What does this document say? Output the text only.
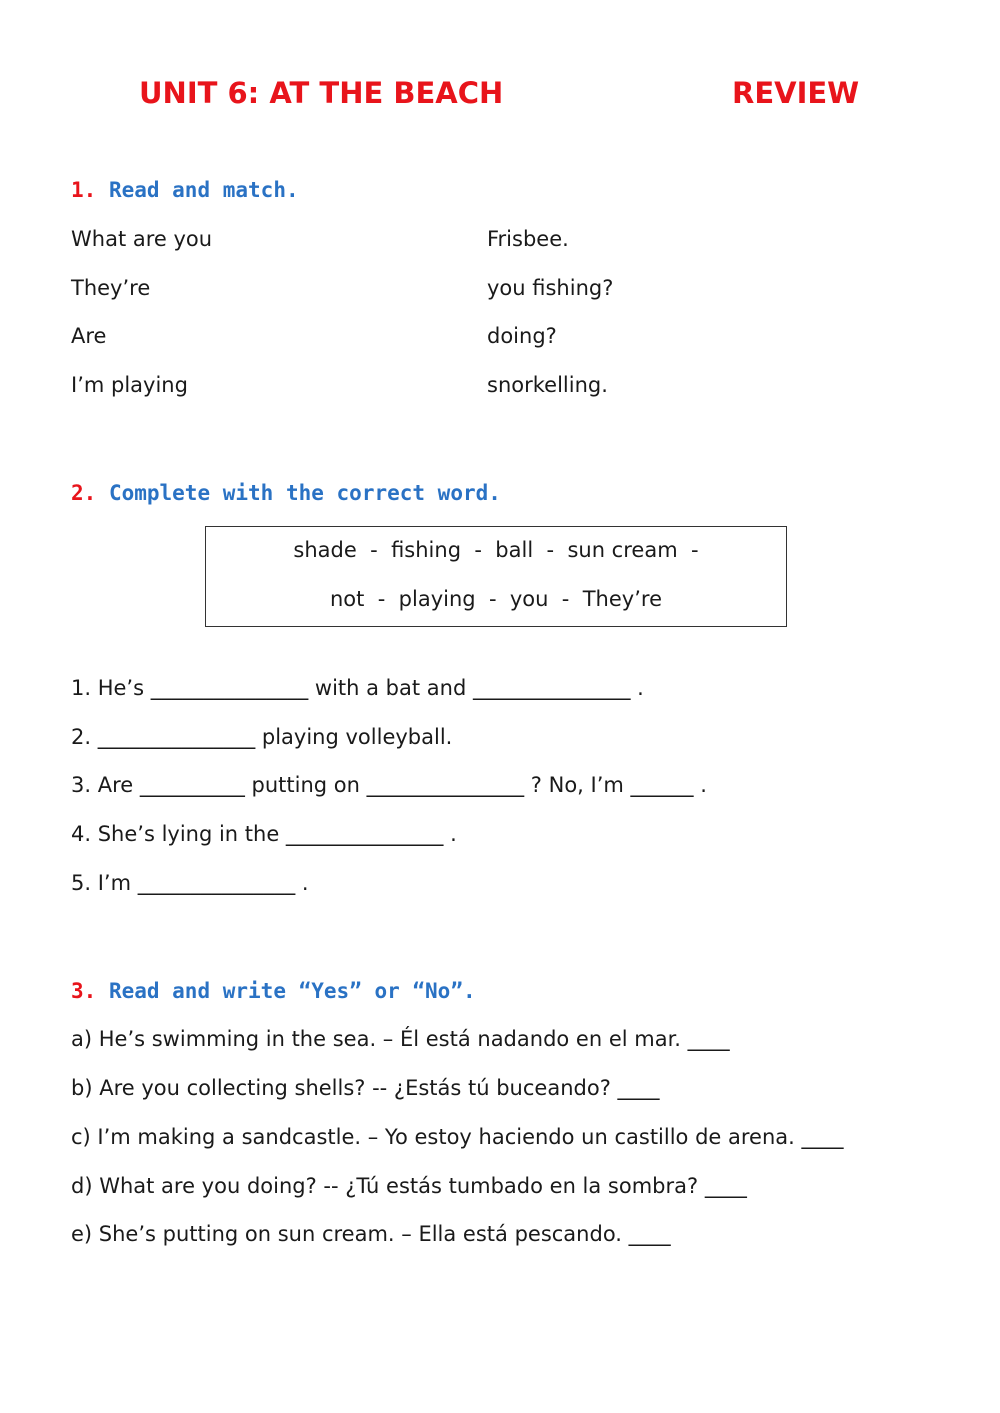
UNIT 6: AT THE BEACH	REVIEW
1. Read and match.
What are you
They’re
Are
I’m playing
Frisbee.
you fishing?
doing?
snorkelling.
2. Complete with the correct word.
shade  -  fishing  -  ball  -  sun cream  -
not  -  playing  -  you  -  They’re
1. He’s _______________ with a bat and _______________ .
2. _______________ playing volleyball.
3. Are __________ putting on _______________ ? No, I’m ______ .
4. She’s lying in the _______________ .
5. I’m _______________ .
3. Read and write “Yes” or “No”.
a) He’s swimming in the sea. – Él está nadando en el mar. ____
b) Are you collecting shells? -- ¿Estás tú buceando? ____
c) I’m making a sandcastle. – Yo estoy haciendo un castillo de arena. ____
d) What are you doing? -- ¿Tú estás tumbado en la sombra? ____
e) She’s putting on sun cream. – Ella está pescando. ____
